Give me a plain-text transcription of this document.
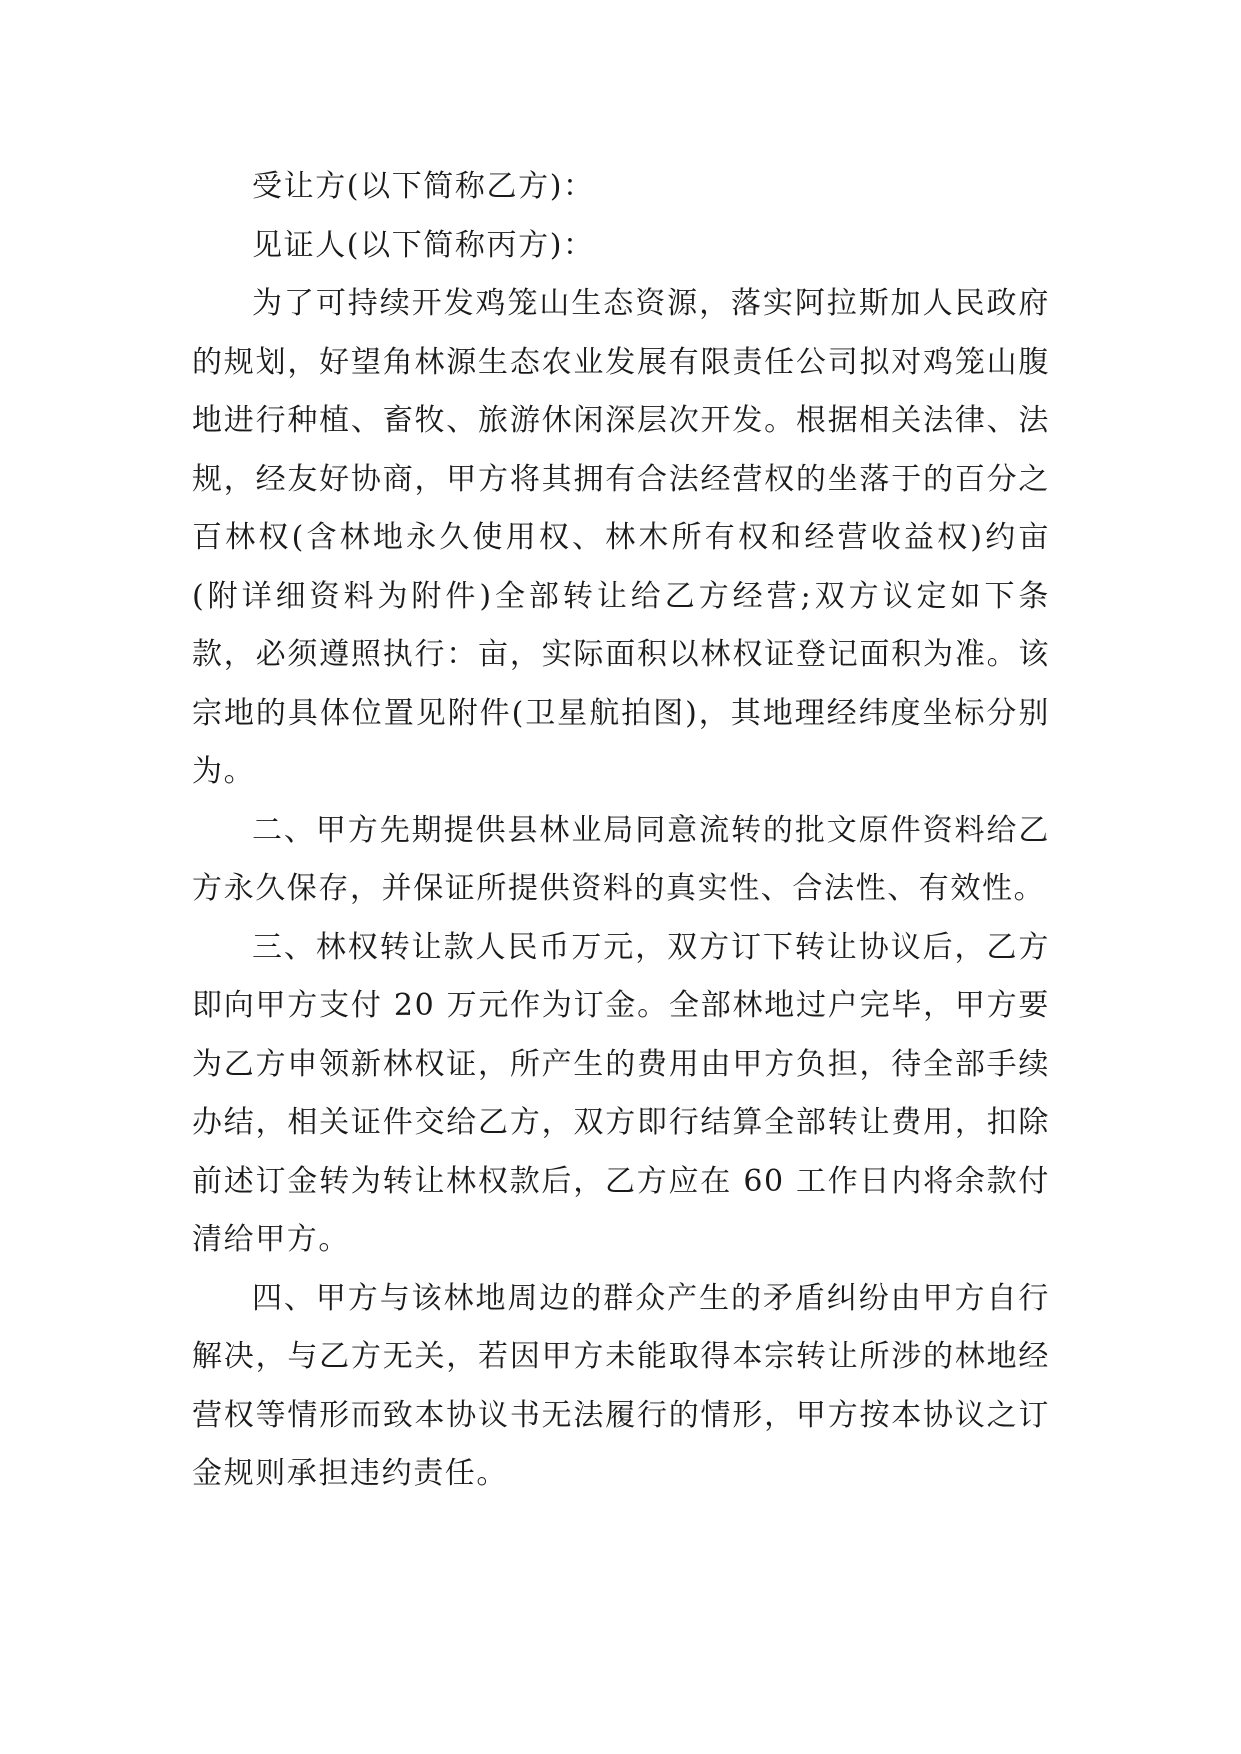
受让方(以下简称乙方)：

见证人(以下简称丙方)：

为了可持续开发鸡笼山生态资源，落实阿拉斯加人民政府的规划，好望角林源生态农业发展有限责任公司拟对鸡笼山腹地进行种植、畜牧、旅游休闲深层次开发。根据相关法律、法规，经友好协商，甲方将其拥有合法经营权的坐落于的百分之百林权(含林地永久使用权、林木所有权和经营收益权)约亩(附详细资料为附件)全部转让给乙方经营;双方议定如下条款，必须遵照执行：亩，实际面积以林权证登记面积为准。该宗地的具体位置见附件(卫星航拍图)，其地理经纬度坐标分别为。

二、甲方先期提供县林业局同意流转的批文原件资料给乙方永久保存，并保证所提供资料的真实性、合法性、有效性。

三、林权转让款人民币万元，双方订下转让协议后，乙方即向甲方支付 20 万元作为订金。全部林地过户完毕，甲方要为乙方申领新林权证，所产生的费用由甲方负担，待全部手续办结，相关证件交给乙方，双方即行结算全部转让费用，扣除前述订金转为转让林权款后，乙方应在 60 工作日内将余款付清给甲方。

四、甲方与该林地周边的群众产生的矛盾纠纷由甲方自行解决，与乙方无关，若因甲方未能取得本宗转让所涉的林地经营权等情形而致本协议书无法履行的情形，甲方按本协议之订金规则承担违约责任。
